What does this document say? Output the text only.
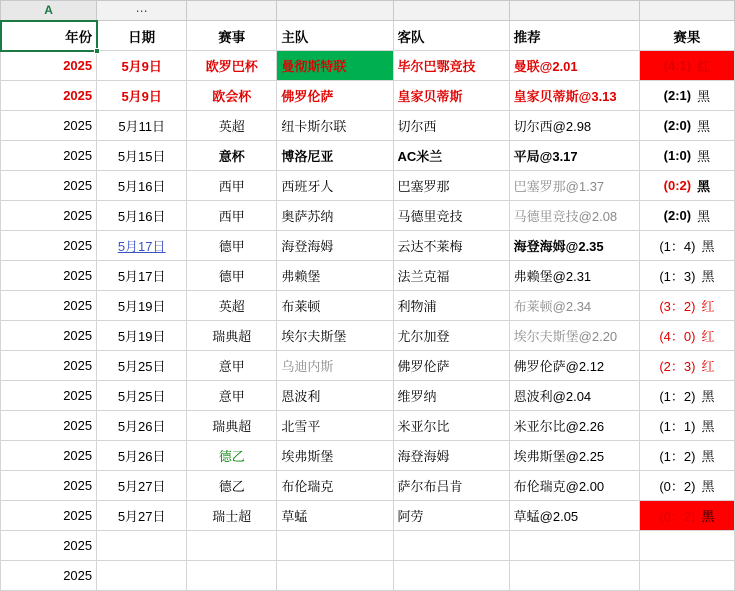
A	⋯					
年份	日期	赛事	主队	客队	推荐	赛果
2025	5月9日	欧罗巴杯	曼彻斯特联	毕尔巴鄂竞技	曼联@2.01	(4:1) 红

2025	5月9日	欧会杯	佛罗伦萨	皇家贝蒂斯	皇家贝蒂斯@3.13	(2:1) 黑

2025	5月11日	英超	纽卡斯尔联	切尔西	切尔西@2.98	(2:0) 黑

2025	5月15日	意杯	博洛尼亚	AC米兰	平局@3.17	(1:0) 黑

2025	5月16日	西甲	西班牙人	巴塞罗那	巴塞罗那@1.37	(0:2) 黑

2025	5月16日	西甲	奥萨苏纳	马德里竞技	马德里竞技@2.08	(2:0) 黑

2025	5月17日	德甲	海登海姆	云达不莱梅	海登海姆@2.35	(1：4) 黑

2025	5月17日	德甲	弗赖堡	法兰克福	弗赖堡@2.31	(1：3) 黑

2025	5月19日	英超	布莱顿	利物浦	布莱顿@2.34	(3：2) 红

2025	5月19日	瑞典超	埃尔夫斯堡	尤尔加登	埃尔夫斯堡@2.20	(4：0) 红

2025	5月25日	意甲	乌迪内斯	佛罗伦萨	佛罗伦萨@2.12	(2：3) 红

2025	5月25日	意甲	恩波利	维罗纳	恩波利@2.04	(1：2) 黑

2025	5月26日	瑞典超	北雪平	米亚尔比	米亚尔比@2.26	(1：1) 黑

2025	5月26日	德乙	埃弗斯堡	海登海姆	埃弗斯堡@2.25	(1：2) 黑

2025	5月27日	德乙	布伦瑞克	萨尔布吕肯	布伦瑞克@2.00	(0：2) 黑

2025	5月27日	瑞士超	草蜢	阿劳	草蜢@2.05	(0：2) 黑

2025						

2025						
